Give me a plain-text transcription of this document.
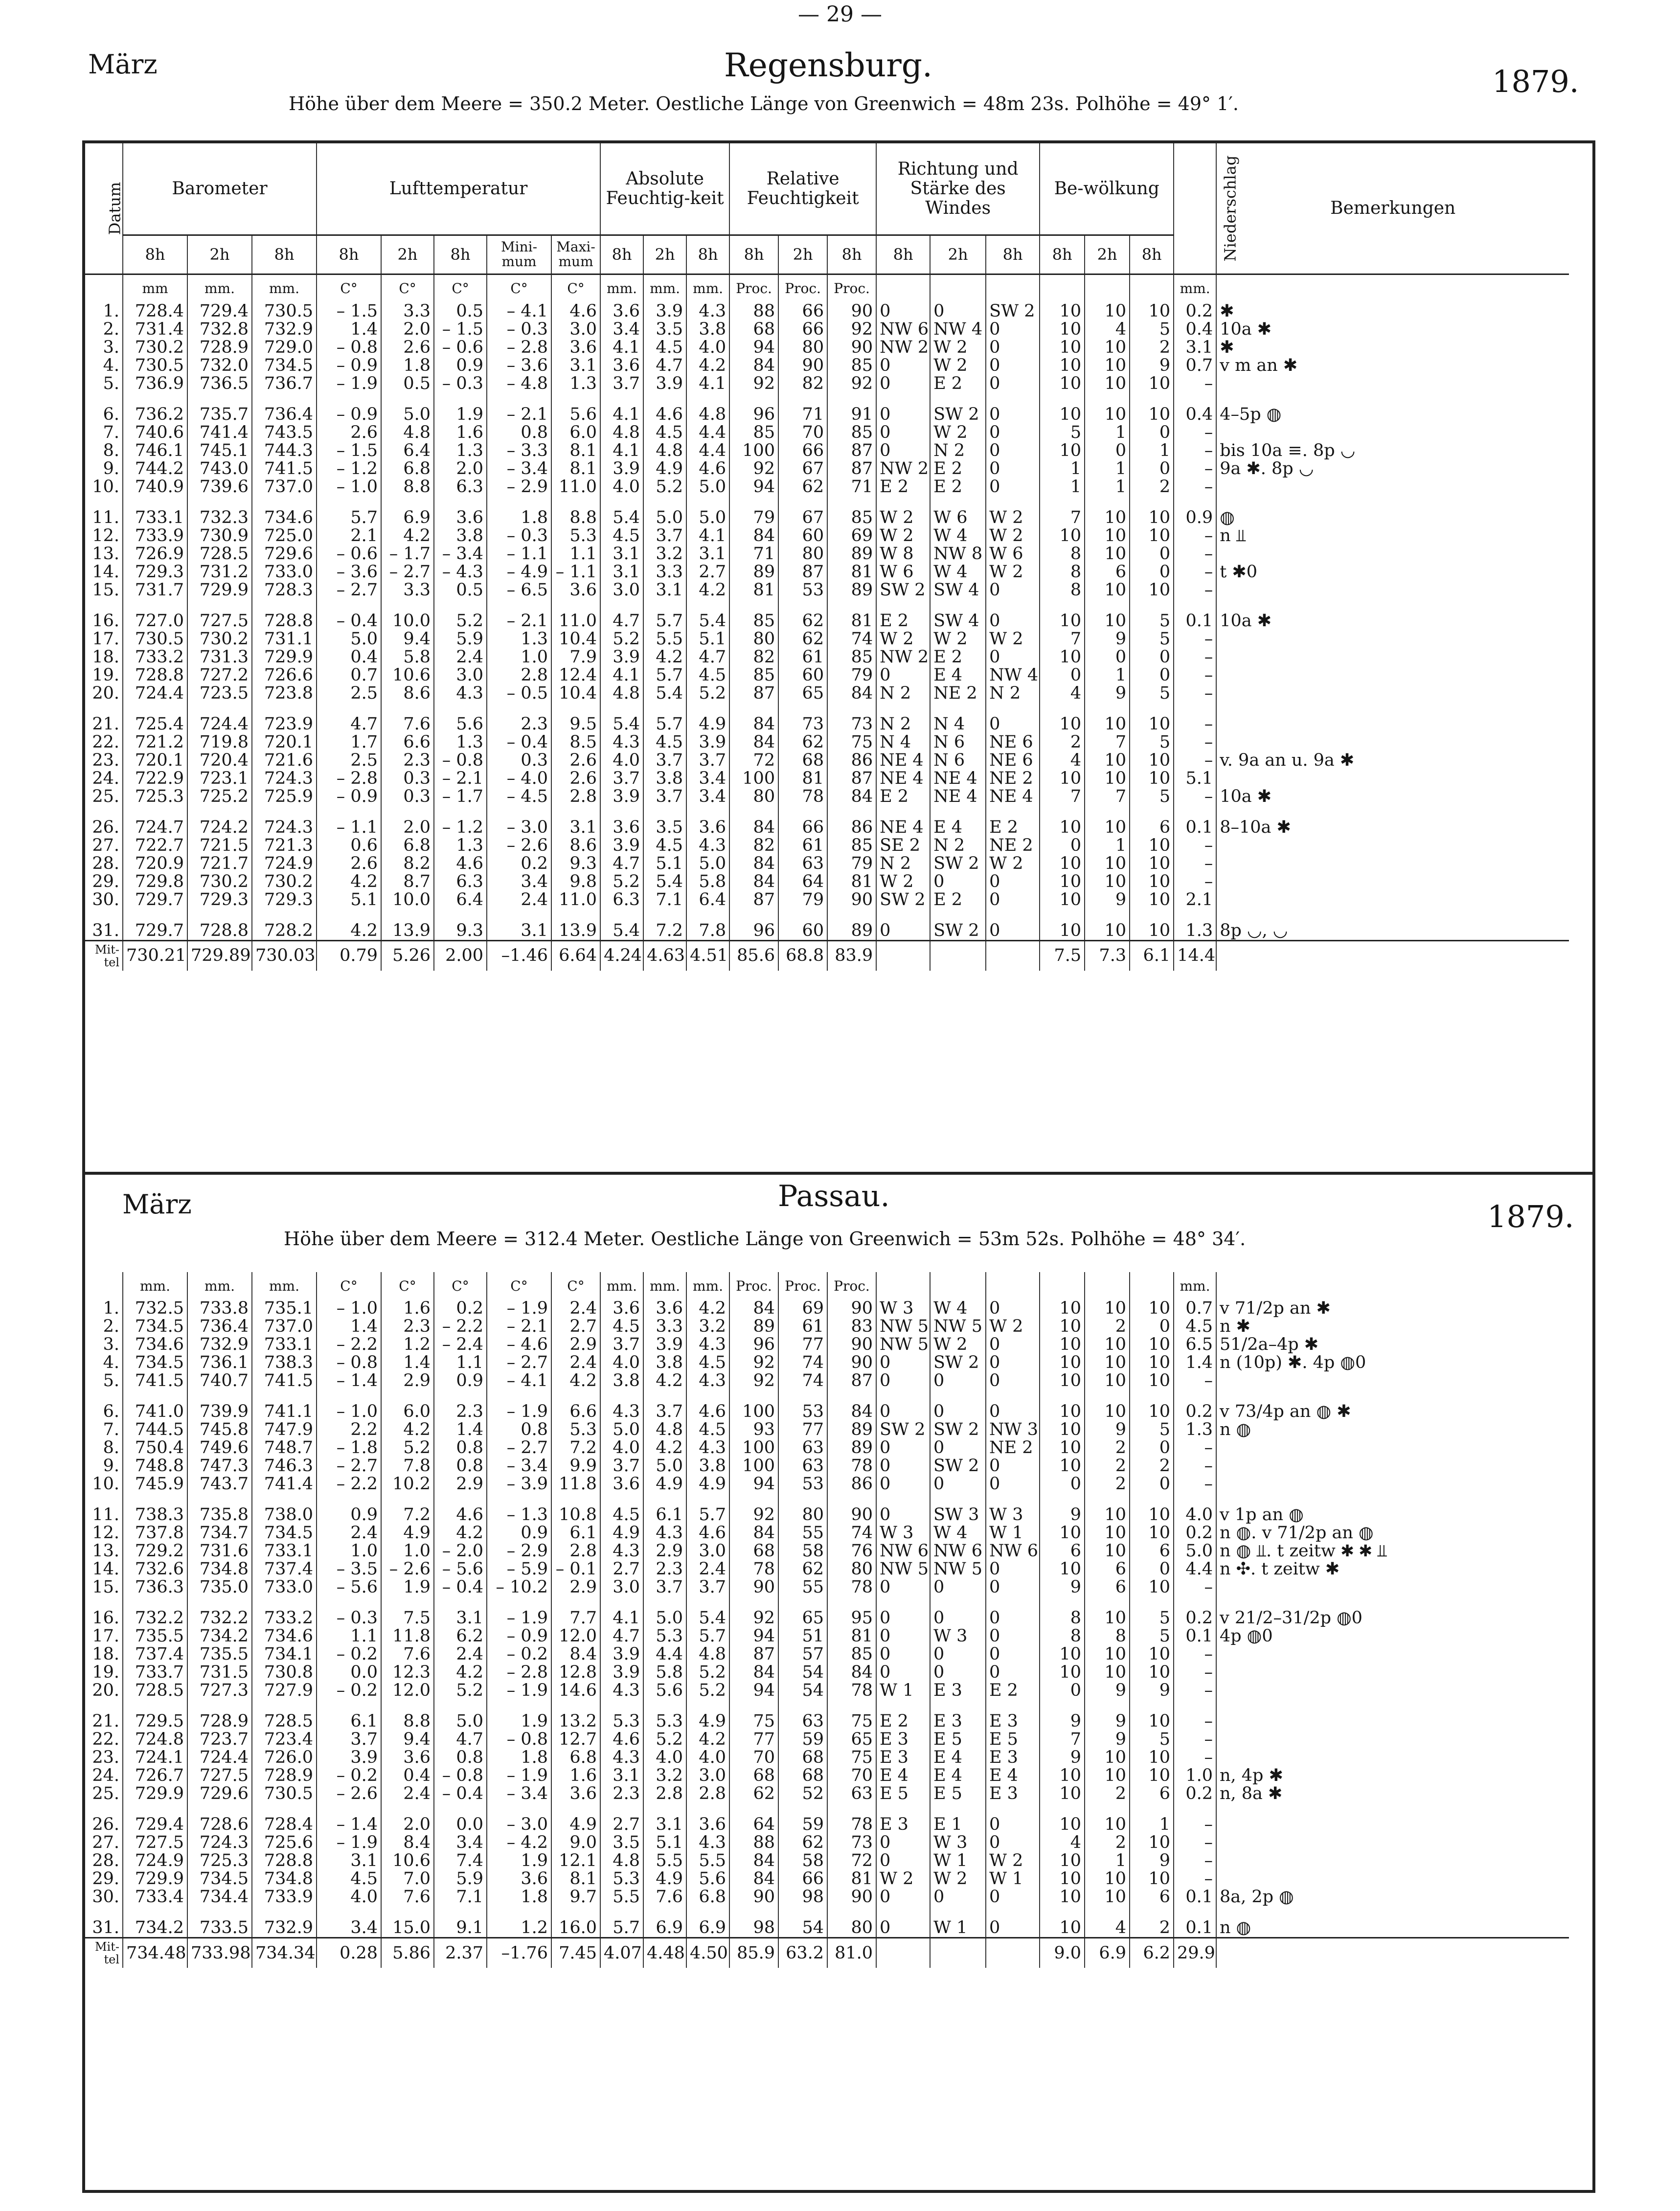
— 29 —
März	Regensburg.	1879.
Höhe über dem Meere = 350.2 Meter. Oestliche Länge von Greenwich = 48m 23s. Polhöhe = 49° 1′.
Datum	Barometer			Lufttemperatur					Absolute Feuchtig-keit			Relative Feuchtigkeit			Richtung und Stärke des Windes			Be-wölkung			Niederschlag	Bemerkungen
	8h	2h	8h	8h	2h	8h	Mini-mum	Maxi-mum	8h	2h	8h	8h	2h	8h	8h	2h	8h	8h	2h	8h		
	mm	mm.	mm.	C°	C°	C°	C°	C°	mm.	mm.	mm.	Proc.	Proc.	Proc.							mm.	
1.	728.4	729.4	730.5	– 1.5	3.3	0.5	– 4.1	4.6	3.6	3.9	4.3	88	66	90	0	0	SW 2	10	10	10	0.2	✱
2.	731.4	732.8	732.9	1.4	2.0	– 1.5	– 0.3	3.0	3.4	3.5	3.8	68	66	92	NW 6	NW 4	0	10	4	5	0.4	10a ✱
3.	730.2	728.9	729.0	– 0.8	2.6	– 0.6	– 2.8	3.6	4.1	4.5	4.0	94	80	90	NW 2	W 2	0	10	10	2	3.1	✱
4.	730.5	732.0	734.5	– 0.9	1.8	0.9	– 3.6	3.1	3.6	4.7	4.2	84	90	85	0	W 2	0	10	10	9	0.7	v m an ✱
5.	736.9	736.5	736.7	– 1.9	0.5	– 0.3	– 4.8	1.3	3.7	3.9	4.1	92	82	92	0	E 2	0	10	10	10	–	
6.	736.2	735.7	736.4	– 0.9	5.0	1.9	– 2.1	5.6	4.1	4.6	4.8	96	71	91	0	SW 2	0	10	10	10	0.4	4–5p ◍
7.	740.6	741.4	743.5	2.6	4.8	1.6	0.8	6.0	4.8	4.5	4.4	85	70	85	0	W 2	0	5	1	0	–	
8.	746.1	745.1	744.3	– 1.5	6.4	1.3	– 3.3	8.1	4.1	4.8	4.4	100	66	87	0	N 2	0	10	0	1	–	bis 10a ≡. 8p ◡
9.	744.2	743.0	741.5	– 1.2	6.8	2.0	– 3.4	8.1	3.9	4.9	4.6	92	67	87	NW 2	E 2	0	1	1	0	–	9a ✱. 8p ◡
10.	740.9	739.6	737.0	– 1.0	8.8	6.3	– 2.9	11.0	4.0	5.2	5.0	94	62	71	E 2	E 2	0	1	1	2	–	
11.	733.1	732.3	734.6	5.7	6.9	3.6	1.8	8.8	5.4	5.0	5.0	79	67	85	W 2	W 6	W 2	7	10	10	0.9	◍
12.	733.9	730.9	725.0	2.1	4.2	3.8	– 0.3	5.3	4.5	3.7	4.1	84	60	69	W 2	W 4	W 2	10	10	10	–	n ⫫
13.	726.9	728.5	729.6	– 0.6	– 1.7	– 3.4	– 1.1	1.1	3.1	3.2	3.1	71	80	89	W 8	NW 8	W 6	8	10	0	–	
14.	729.3	731.2	733.0	– 3.6	– 2.7	– 4.3	– 4.9	– 1.1	3.1	3.3	2.7	89	87	81	W 6	W 4	W 2	8	6	0	–	t ✱0
15.	731.7	729.9	728.3	– 2.7	3.3	0.5	– 6.5	3.6	3.0	3.1	4.2	81	53	89	SW 2	SW 4	0	8	10	10	–	
16.	727.0	727.5	728.8	– 0.4	10.0	5.2	– 2.1	11.0	4.7	5.7	5.4	85	62	81	E 2	SW 4	0	10	10	5	0.1	10a ✱
17.	730.5	730.2	731.1	5.0	9.4	5.9	1.3	10.4	5.2	5.5	5.1	80	62	74	W 2	W 2	W 2	7	9	5	–	
18.	733.2	731.3	729.9	0.4	5.8	2.4	1.0	7.9	3.9	4.2	4.7	82	61	85	NW 2	E 2	0	10	0	0	–	
19.	728.8	727.2	726.6	0.7	10.6	3.0	2.8	12.4	4.1	5.7	4.5	85	60	79	0	E 4	NW 4	0	1	0	–	
20.	724.4	723.5	723.8	2.5	8.6	4.3	– 0.5	10.4	4.8	5.4	5.2	87	65	84	N 2	NE 2	N 2	4	9	5	–	
21.	725.4	724.4	723.9	4.7	7.6	5.6	2.3	9.5	5.4	5.7	4.9	84	73	73	N 2	N 4	0	10	10	10	–	
22.	721.2	719.8	720.1	1.7	6.6	1.3	– 0.4	8.5	4.3	4.5	3.9	84	62	75	N 4	N 6	NE 6	2	7	5	–	
23.	720.1	720.4	721.6	2.5	2.3	– 0.8	0.3	2.6	4.0	3.7	3.7	72	68	86	NE 4	N 6	NE 6	4	10	10	–	v. 9a an u. 9a ✱
24.	722.9	723.1	724.3	– 2.8	0.3	– 2.1	– 4.0	2.6	3.7	3.8	3.4	100	81	87	NE 4	NE 4	NE 2	10	10	10	5.1	
25.	725.3	725.2	725.9	– 0.9	0.3	– 1.7	– 4.5	2.8	3.9	3.7	3.4	80	78	84	E 2	NE 4	NE 4	7	7	5	–	10a ✱
26.	724.7	724.2	724.3	– 1.1	2.0	– 1.2	– 3.0	3.1	3.6	3.5	3.6	84	66	86	NE 4	E 4	E 2	10	10	6	0.1	8–10a ✱
27.	722.7	721.5	721.3	0.6	6.8	1.3	– 2.6	8.6	3.9	4.5	4.3	82	61	85	SE 2	N 2	NE 2	0	1	10	–	
28.	720.9	721.7	724.9	2.6	8.2	4.6	0.2	9.3	4.7	5.1	5.0	84	63	79	N 2	SW 2	W 2	10	10	10	–	
29.	729.8	730.2	730.2	4.2	8.7	6.3	3.4	9.8	5.2	5.4	5.8	84	64	81	W 2	0	0	10	10	10	–	
30.	729.7	729.3	729.3	5.1	10.0	6.4	2.4	11.0	6.3	7.1	6.4	87	79	90	SW 2	E 2	0	10	9	10	2.1	
31.	729.7	728.8	728.2	4.2	13.9	9.3	3.1	13.9	5.4	7.2	7.8	96	60	89	0	SW 2	0	10	10	10	1.3	8p ◡, ◡
Mit-tel	730.21	729.89	730.03	0.79	5.26	2.00	–1.46	6.64	4.24	4.63	4.51	85.6	68.8	83.9				7.5	7.3	6.1	14.4	
März	Passau.
1879.
Höhe über dem Meere = 312.4 Meter. Oestliche Länge von Greenwich = 53m 52s. Polhöhe = 48° 34′.
	mm.	mm.	mm.	C°	C°	C°	C°	C°	mm.	mm.	mm.	Proc.	Proc.	Proc.							mm.	
1.	732.5	733.8	735.1	– 1.0	1.6	0.2	– 1.9	2.4	3.6	3.6	4.2	84	69	90	W 3	W 4	0	10	10	10	0.7	v 71/2p an ✱
2.	734.5	736.4	737.0	1.4	2.3	– 2.2	– 2.1	2.7	4.5	3.3	3.2	89	61	83	NW 5	NW 5	W 2	10	2	0	4.5	n ✱
3.	734.6	732.9	733.1	– 2.2	1.2	– 2.4	– 4.6	2.9	3.7	3.9	4.3	96	77	90	NW 5	W 2	0	10	10	10	6.5	51/2a–4p ✱
4.	734.5	736.1	738.3	– 0.8	1.4	1.1	– 2.7	2.4	4.0	3.8	4.5	92	74	90	0	SW 2	0	10	10	10	1.4	n (10p) ✱. 4p ◍0
5.	741.5	740.7	741.5	– 1.4	2.9	0.9	– 4.1	4.2	3.8	4.2	4.3	92	74	87	0	0	0	10	10	10	–	
6.	741.0	739.9	741.1	– 1.0	6.0	2.3	– 1.9	6.6	4.3	3.7	4.6	100	53	84	0	0	0	10	10	10	0.2	v 73/4p an ◍ ✱
7.	744.5	745.8	747.9	2.2	4.2	1.4	0.8	5.3	5.0	4.8	4.5	93	77	89	SW 2	SW 2	NW 3	10	9	5	1.3	n ◍
8.	750.4	749.6	748.7	– 1.8	5.2	0.8	– 2.7	7.2	4.0	4.2	4.3	100	63	89	0	0	NE 2	10	2	0	–	
9.	748.8	747.3	746.3	– 2.7	7.8	0.8	– 3.4	9.9	3.7	5.0	3.8	100	63	78	0	SW 2	0	10	2	2	–	
10.	745.9	743.7	741.4	– 2.2	10.2	2.9	– 3.9	11.8	3.6	4.9	4.9	94	53	86	0	0	0	0	2	0	–	
11.	738.3	735.8	738.0	0.9	7.2	4.6	– 1.3	10.8	4.5	6.1	5.7	92	80	90	0	SW 3	W 3	9	10	10	4.0	v 1p an ◍
12.	737.8	734.7	734.5	2.4	4.9	4.2	0.9	6.1	4.9	4.3	4.6	84	55	74	W 3	W 4	W 1	10	10	10	0.2	n ◍. v 71/2p an ◍
13.	729.2	731.6	733.1	1.0	1.0	– 2.0	– 2.9	2.8	4.3	2.9	3.0	68	58	76	NW 6	NW 6	NW 6	6	10	6	5.0	n ◍ ⫫. t zeitw ✱ ✱ ⫫
14.	732.6	734.8	737.4	– 3.5	– 2.6	– 5.6	– 5.9	– 0.1	2.7	2.3	2.4	78	62	80	NW 5	NW 5	0	10	6	0	4.4	n ✣. t zeitw ✱
15.	736.3	735.0	733.0	– 5.6	1.9	– 0.4	– 10.2	2.9	3.0	3.7	3.7	90	55	78	0	0	0	9	6	10	–	
16.	732.2	732.2	733.2	– 0.3	7.5	3.1	– 1.9	7.7	4.1	5.0	5.4	92	65	95	0	0	0	8	10	5	0.2	v 21/2–31/2p ◍0
17.	735.5	734.2	734.6	1.1	11.8	6.2	– 0.9	12.0	4.7	5.3	5.7	94	51	81	0	W 3	0	8	8	5	0.1	4p ◍0
18.	737.4	735.5	734.1	– 0.2	7.6	2.4	– 0.2	8.4	3.9	4.4	4.8	87	57	85	0	0	0	10	10	10	–	
19.	733.7	731.5	730.8	0.0	12.3	4.2	– 2.8	12.8	3.9	5.8	5.2	84	54	84	0	0	0	10	10	10	–	
20.	728.5	727.3	727.9	– 0.2	12.0	5.2	– 1.9	14.6	4.3	5.6	5.2	94	54	78	W 1	E 3	E 2	0	9	9	–	
21.	729.5	728.9	728.5	6.1	8.8	5.0	1.9	13.2	5.3	5.3	4.9	75	63	75	E 2	E 3	E 3	9	9	10	–	
22.	724.8	723.7	723.4	3.7	9.4	4.7	– 0.8	12.7	4.6	5.2	4.2	77	59	65	E 3	E 5	E 5	7	9	5	–	
23.	724.1	724.4	726.0	3.9	3.6	0.8	1.8	6.8	4.3	4.0	4.0	70	68	75	E 3	E 4	E 3	9	10	10	–	
24.	726.7	727.5	728.9	– 0.2	0.4	– 0.8	– 1.9	1.6	3.1	3.2	3.0	68	68	70	E 4	E 4	E 4	10	10	10	1.0	n, 4p ✱
25.	729.9	729.6	730.5	– 2.6	2.4	– 0.4	– 3.4	3.6	2.3	2.8	2.8	62	52	63	E 5	E 5	E 3	10	2	6	0.2	n, 8a ✱
26.	729.4	728.6	728.4	– 1.4	2.0	0.0	– 3.0	4.9	2.7	3.1	3.6	64	59	78	E 3	E 1	0	10	10	1	–	
27.	727.5	724.3	725.6	– 1.9	8.4	3.4	– 4.2	9.0	3.5	5.1	4.3	88	62	73	0	W 3	0	4	2	10	–	
28.	724.9	725.3	728.8	3.1	10.6	7.4	1.9	12.1	4.8	5.5	5.5	84	58	72	0	W 1	W 2	10	1	9	–	
29.	729.9	734.5	734.8	4.5	7.0	5.9	3.6	8.1	5.3	4.9	5.6	84	66	81	W 2	W 2	W 1	10	10	10	–	
30.	733.4	734.4	733.9	4.0	7.6	7.1	1.8	9.7	5.5	7.6	6.8	90	98	90	0	0	0	10	10	6	0.1	8a, 2p ◍
31.	734.2	733.5	732.9	3.4	15.0	9.1	1.2	16.0	5.7	6.9	6.9	98	54	80	0	W 1	0	10	4	2	0.1	n ◍
Mit-tel	734.48	733.98	734.34	0.28	5.86	2.37	–1.76	7.45	4.07	4.48	4.50	85.9	63.2	81.0				9.0	6.9	6.2	29.9	
